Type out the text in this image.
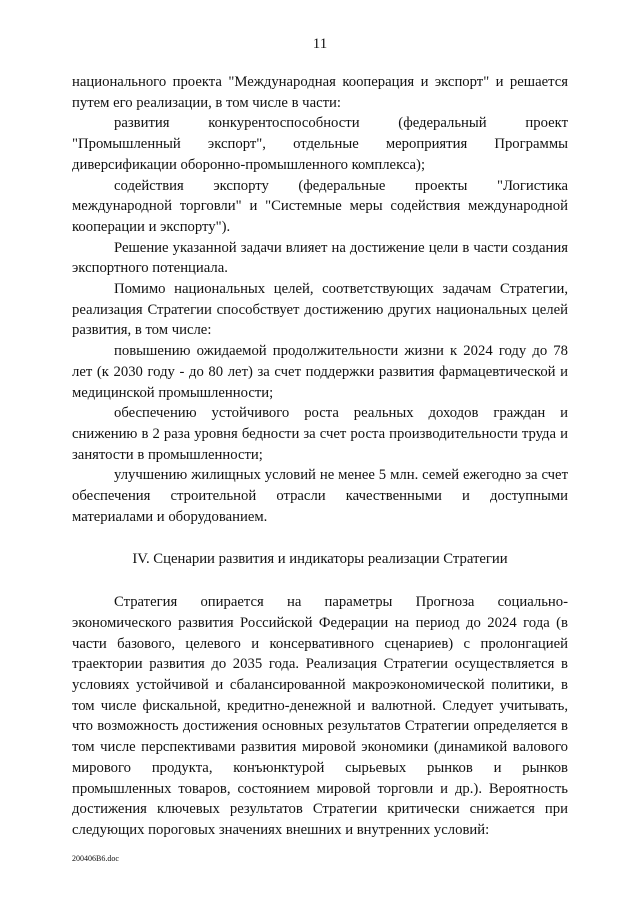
11

национального проекта "Международная кооперация и экспорт" и решается путем его реализации, в том числе в части:

развития конкурентоспособности (федеральный проект "Промышленный экспорт", отдельные мероприятия Программы диверсификации оборонно-промышленного комплекса);

содействия экспорту (федеральные проекты "Логистика международной торговли" и "Системные меры содействия международной кооперации и экспорту").

Решение указанной задачи влияет на достижение цели в части создания экспортного потенциала.

Помимо национальных целей, соответствующих задачам Стратегии, реализация Стратегии способствует достижению других национальных целей развития, в том числе:

повышению ожидаемой продолжительности жизни к 2024 году до 78 лет (к 2030 году - до 80 лет) за счет поддержки развития фармацевтической и медицинской промышленности;

обеспечению устойчивого роста реальных доходов граждан и снижению в 2 раза уровня бедности за счет роста производительности труда и занятости в промышленности;

улучшению жилищных условий не менее 5 млн. семей ежегодно за счет обеспечения строительной отрасли качественными и доступными материалами и оборудованием.

IV. Сценарии развития и индикаторы реализации Стратегии

Стратегия опирается на параметры Прогноза социально-экономического развития Российской Федерации на период до 2024 года (в части базового, целевого и консервативного сценариев) с пролонгацией траектории развития до 2035 года. Реализация Стратегии осуществляется в условиях устойчивой и сбалансированной макроэкономической политики, в том числе фискальной, кредитно-денежной и валютной. Следует учитывать, что возможность достижения основных результатов Стратегии определяется в том числе перспективами развития мировой экономики (динамикой валового мирового продукта, конъюнктурой сырьевых рынков и рынков промышленных товаров, состоянием мировой торговли и др.). Вероятность достижения ключевых результатов Стратегии критически снижается при следующих пороговых значениях внешних и внутренних условий:

200406B6.doc
